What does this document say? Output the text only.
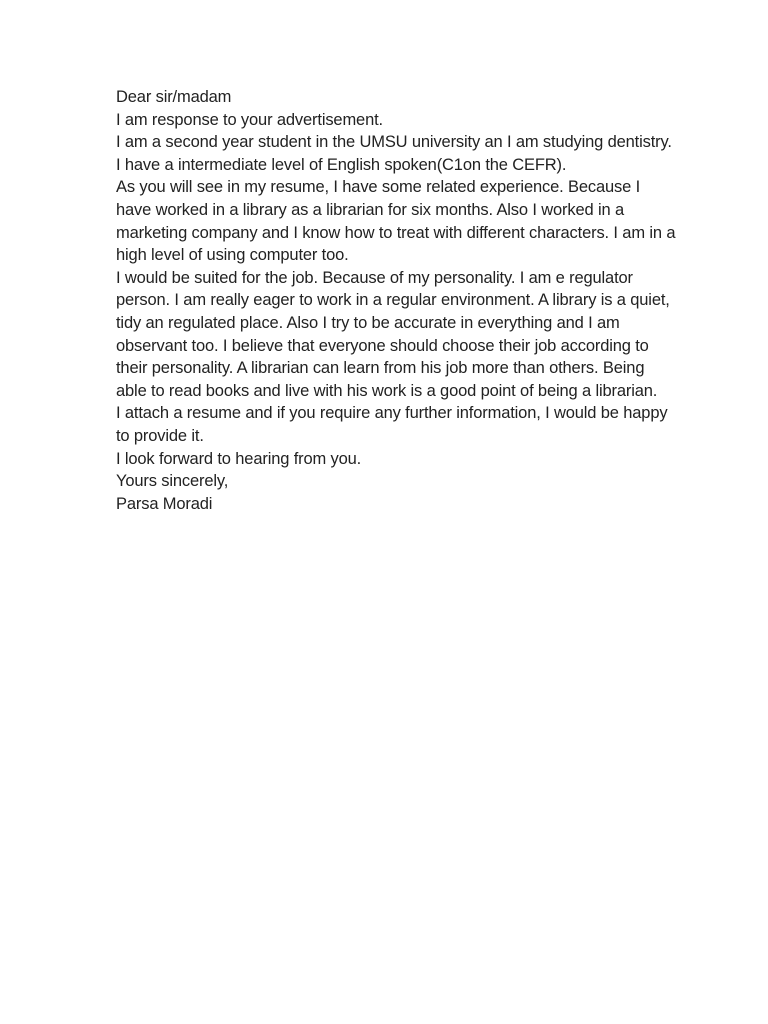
Dear sir/madam

I am response to your advertisement.

I am a second year student in the UMSU university an I am studying dentistry. I have a intermediate level of English spoken(C1on the CEFR).

As you will see in my resume, I have some related experience. Because I have worked in a library as a librarian for six months. Also I worked in a marketing company and I know how to treat with different characters. I am in a high level of using computer too.

I would be suited for the job. Because of my personality. I am e regulator person. I am really eager to work in a regular environment. A library is a quiet, tidy an regulated place. Also I try to be accurate in everything and I am observant too. I believe that everyone should choose their job according to their personality. A librarian can learn from his job more than others. Being able to read books and live with his work is a good point of being a librarian.

I attach a resume and if you require any further information, I would be happy to provide it.

I look forward to hearing from you.

Yours sincerely,

Parsa Moradi
